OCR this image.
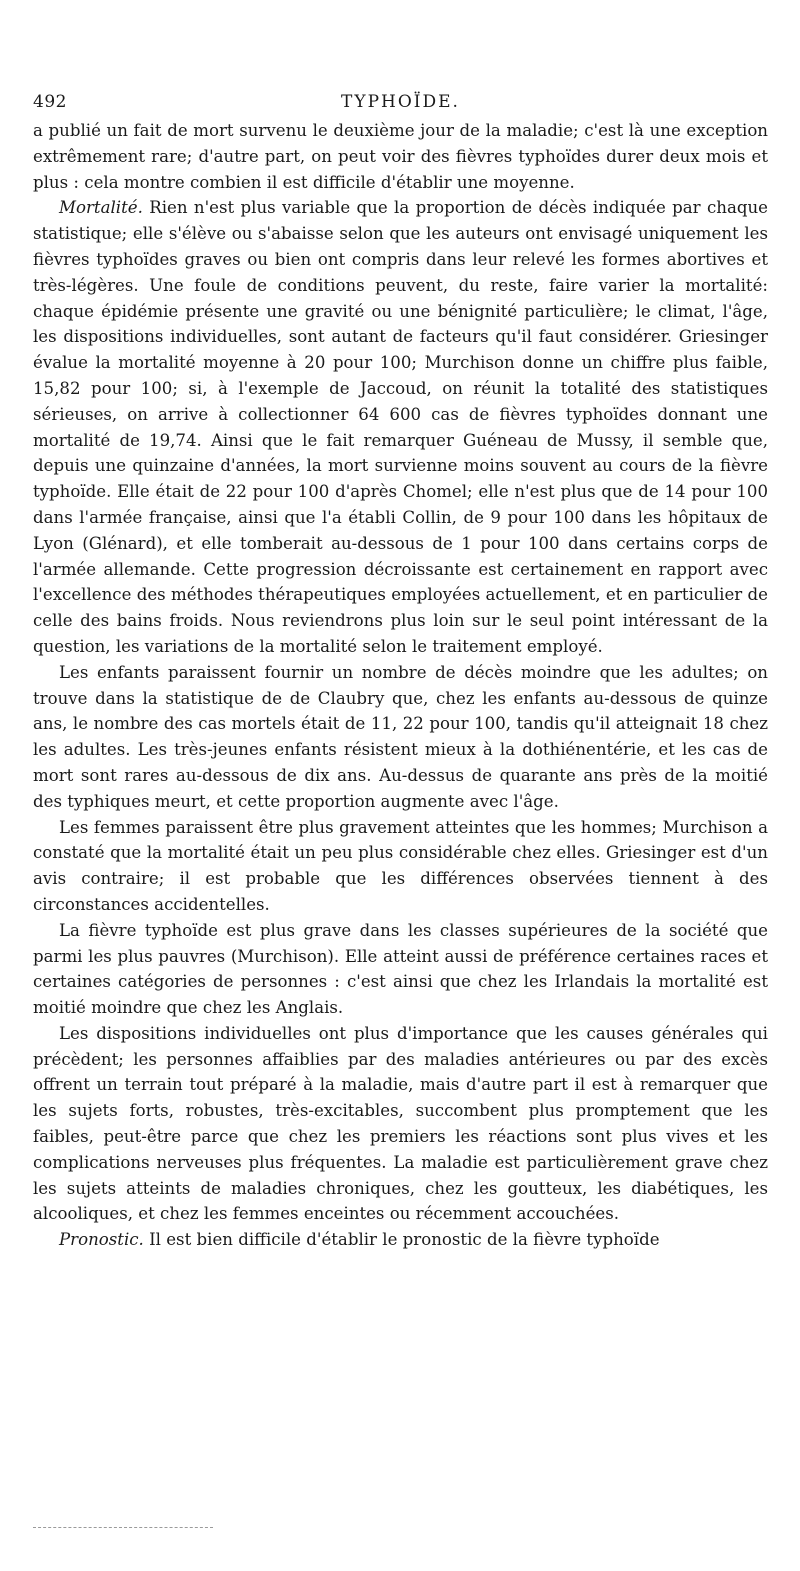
492	TYPHOÏDE.

a publié un fait de mort survenu le deuxième jour de la maladie; c'est là une exception extrêmement rare; d'autre part, on peut voir des fièvres typhoïdes durer deux mois et plus : cela montre combien il est difficile d'établir une moyenne.

Mortalité. Rien n'est plus variable que la proportion de décès indiquée par chaque statistique; elle s'élève ou s'abaisse selon que les auteurs ont envisagé uniquement les fièvres typhoïdes graves ou bien ont compris dans leur relevé les formes abortives et très-légères. Une foule de conditions peuvent, du reste, faire varier la mortalité: chaque épidémie présente une gravité ou une bénignité particulière; le climat, l'âge, les dispositions individuelles, sont autant de facteurs qu'il faut considérer. Griesinger évalue la mortalité moyenne à 20 pour 100; Murchison donne un chiffre plus faible, 15,82 pour 100; si, à l'exemple de Jaccoud, on réunit la totalité des statistiques sérieuses, on arrive à collectionner 64 600 cas de fièvres typhoïdes donnant une mortalité de 19,74. Ainsi que le fait remarquer Guéneau de Mussy, il semble que, depuis une quinzaine d'années, la mort survienne moins souvent au cours de la fièvre typhoïde. Elle était de 22 pour 100 d'après Chomel; elle n'est plus que de 14 pour 100 dans l'armée française, ainsi que l'a établi Collin, de 9 pour 100 dans les hôpitaux de Lyon (Glénard), et elle tomberait au-dessous de 1 pour 100 dans certains corps de l'armée allemande. Cette progression décroissante est certainement en rapport avec l'excellence des méthodes thérapeutiques employées actuellement, et en particulier de celle des bains froids. Nous reviendrons plus loin sur le seul point intéressant de la question, les variations de la mortalité selon le traitement employé.

Les enfants paraissent fournir un nombre de décès moindre que les adultes; on trouve dans la statistique de de Claubry que, chez les enfants au-dessous de quinze ans, le nombre des cas mortels était de 11, 22 pour 100, tandis qu'il atteignait 18 chez les adultes. Les très-jeunes enfants résistent mieux à la dothiénentérie, et les cas de mort sont rares au-dessous de dix ans. Au-dessus de quarante ans près de la moitié des typhiques meurt, et cette proportion augmente avec l'âge.

Les femmes paraissent être plus gravement atteintes que les hommes; Murchison a constaté que la mortalité était un peu plus considérable chez elles. Griesinger est d'un avis contraire; il est probable que les différences observées tiennent à des circonstances accidentelles.

La fièvre typhoïde est plus grave dans les classes supérieures de la société que parmi les plus pauvres (Murchison). Elle atteint aussi de préférence certaines races et certaines catégories de personnes : c'est ainsi que chez les Irlandais la mortalité est moitié moindre que chez les Anglais.

Les dispositions individuelles ont plus d'importance que les causes générales qui précèdent; les personnes affaiblies par des maladies antérieures ou par des excès offrent un terrain tout préparé à la maladie, mais d'autre part il est à remarquer que les sujets forts, robustes, très-excitables, succombent plus promptement que les faibles, peut-être parce que chez les premiers les réactions sont plus vives et les complications nerveuses plus fréquentes. La maladie est particulièrement grave chez les sujets atteints de maladies chroniques, chez les goutteux, les diabétiques, les alcooliques, et chez les femmes enceintes ou récemment accouchées.

Pronostic. Il est bien difficile d'établir le pronostic de la fièvre typhoïde
